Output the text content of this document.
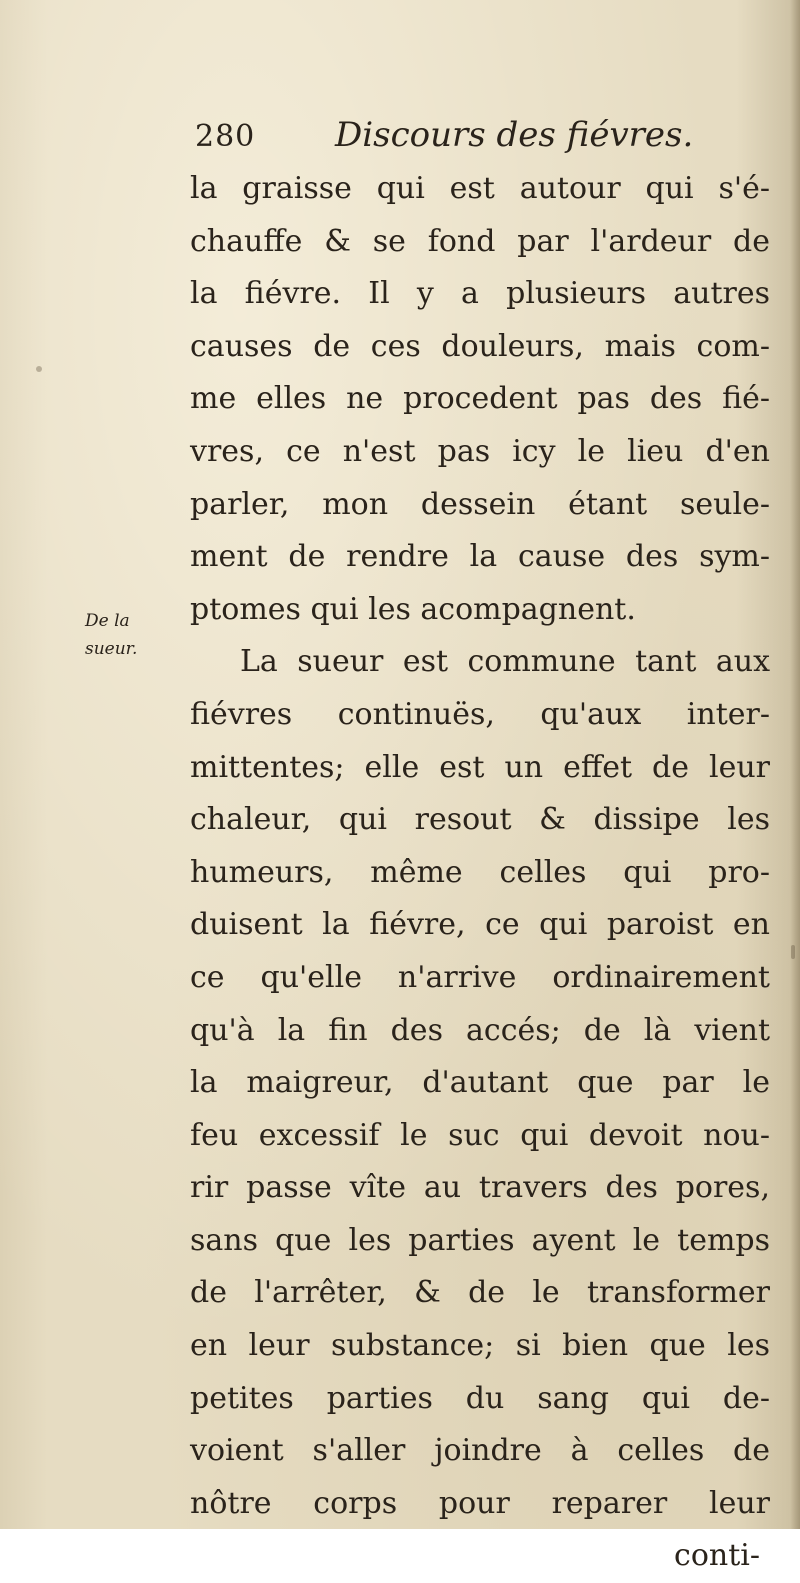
280 Discours des fiévres.
De la
sueur.
la graisse qui est autour qui s'é-
chauffe & se fond par l'ardeur de
la fiévre. Il y a plusieurs autres
causes de ces douleurs, mais com-
me elles ne procedent pas des fié-
vres, ce n'est pas icy le lieu d'en
parler, mon dessein étant seule-
ment de rendre la cause des sym-
ptomes qui les acompagnent.
La sueur est commune tant aux
fiévres continuës, qu'aux inter-
mittentes; elle est un effet de leur
chaleur, qui resout & dissipe les
humeurs, même celles qui pro-
duisent la fiévre, ce qui paroist en
ce qu'elle n'arrive ordinairement
qu'à la fin des accés; de là vient
la maigreur, d'autant que par le
feu excessif le suc qui devoit nou-
rir passe vîte au travers des pores,
sans que les parties ayent le temps
de l'arrêter, & de le transformer
en leur substance; si bien que les
petites parties du sang qui de-
voient s'aller joindre à celles de
nôtre corps pour reparer leur
conti-
